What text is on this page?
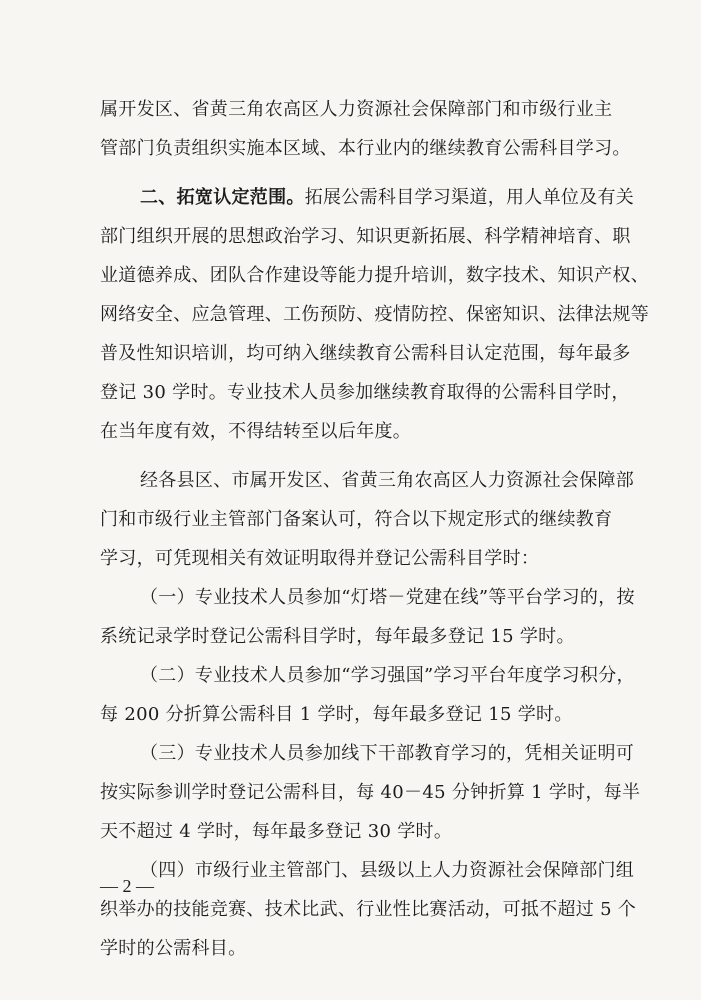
属开发区、省黄三角农高区人力资源社会保障部门和市级行业主
管部门负责组织实施本区域、本行业内的继续教育公需科目学习。
二、拓宽认定范围。拓展公需科目学习渠道，用人单位及有关
部门组织开展的思想政治学习、知识更新拓展、科学精神培育、职
业道德养成、团队合作建设等能力提升培训，数字技术、知识产权、
网络安全、应急管理、工伤预防、疫情防控、保密知识、法律法规等
普及性知识培训，均可纳入继续教育公需科目认定范围，每年最多
登记 30 学时。专业技术人员参加继续教育取得的公需科目学时，
在当年度有效，不得结转至以后年度。
经各县区、市属开发区、省黄三角农高区人力资源社会保障部
门和市级行业主管部门备案认可，符合以下规定形式的继续教育
学习，可凭现相关有效证明取得并登记公需科目学时：
（一）专业技术人员参加“灯塔－党建在线”等平台学习的，按
系统记录学时登记公需科目学时，每年最多登记 15 学时。
（二）专业技术人员参加“学习强国”学习平台年度学习积分，
每 200 分折算公需科目 1 学时，每年最多登记 15 学时。
（三）专业技术人员参加线下干部教育学习的，凭相关证明可
按实际参训学时登记公需科目，每 40－45 分钟折算 1 学时，每半
天不超过 4 学时，每年最多登记 30 学时。
（四）市级行业主管部门、县级以上人力资源社会保障部门组
织举办的技能竞赛、技术比武、行业性比赛活动，可抵不超过 5 个
学时的公需科目。
— 2 —
